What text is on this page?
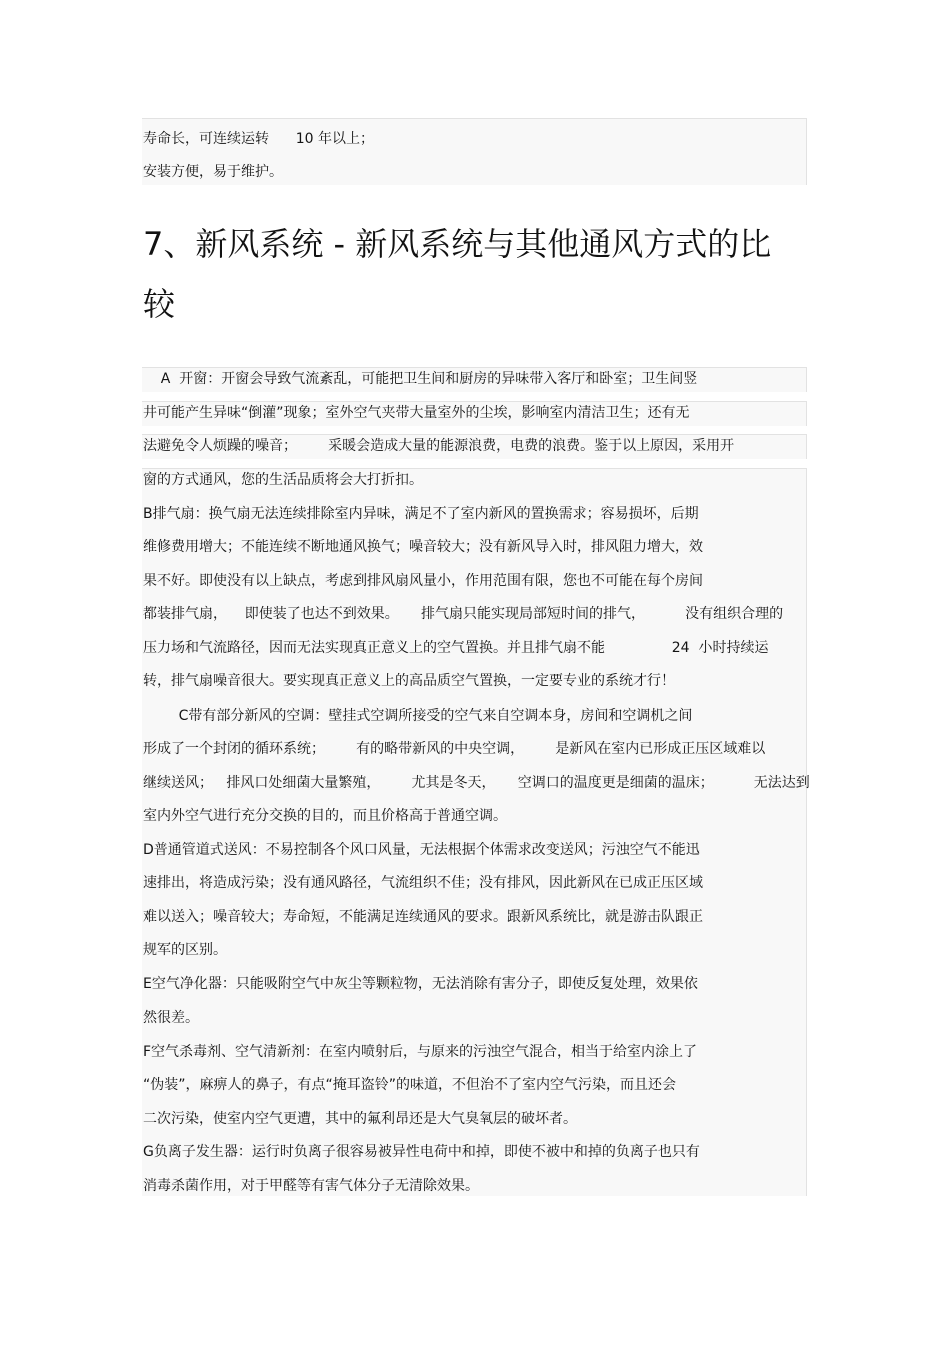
寿命长，可连续运转      10 年以上；
安装方便，易于维护。
7、新风系统 - 新风系统与其他通风方式的比
较
A  开窗：开窗会导致气流紊乱，可能把卫生间和厨房的异味带入客厅和卧室；卫生间竖
井可能产生异味“倒灌”现象；室外空气夹带大量室外的尘埃，影响室内清洁卫生；还有无
法避免令人烦躁的噪音；       采暖会造成大量的能源浪费，电费的浪费。鉴于以上原因，采用开
窗的方式通风，您的生活品质将会大打折扣。
B排气扇：换气扇无法连续排除室内异味，满足不了室内新风的置换需求；容易损坏，后期
维修费用增大；不能连续不断地通风换气；噪音较大；没有新风导入时，排风阻力增大，效
果不好。即使没有以上缺点，考虑到排风扇风量小，作用范围有限，您也不可能在每个房间
都装排气扇，    即使装了也达不到效果。     排气扇只能实现局部短时间的排气，         没有组织合理的
压力场和气流路径，因而无法实现真正意义上的空气置换。并且排气扇不能               24  小时持续运
转，排气扇噪音很大。要实现真正意义上的高品质空气置换，一定要专业的系统才行！
C带有部分新风的空调：壁挂式空调所接受的空气来自空调本身，房间和空调机之间
形成了一个封闭的循环系统；       有的略带新风的中央空调，       是新风在室内已形成正压区域难以
继续送风；   排风口处细菌大量繁殖，       尤其是冬天，     空调口的温度更是细菌的温床；         无法达到
室内外空气进行充分交换的目的，而且价格高于普通空调。
D普通管道式送风：不易控制各个风口风量，无法根据个体需求改变送风；污浊空气不能迅
速排出，将造成污染；没有通风路径，气流组织不佳；没有排风，因此新风在已成正压区域
难以送入；噪音较大；寿命短，不能满足连续通风的要求。跟新风系统比，就是游击队跟正
规军的区别。
E空气净化器：只能吸附空气中灰尘等颗粒物，无法消除有害分子，即使反复处理，效果依
然很差。
F空气杀毒剂、空气清新剂：在室内喷射后，与原来的污浊空气混合，相当于给室内涂上了
“伪装”，麻痹人的鼻子，有点“掩耳盗铃”的味道，不但治不了室内空气污染，而且还会
二次污染，使室内空气更遭，其中的氟利昂还是大气臭氧层的破坏者。
G负离子发生器：运行时负离子很容易被异性电荷中和掉，即使不被中和掉的负离子也只有
消毒杀菌作用，对于甲醛等有害气体分子无清除效果。
